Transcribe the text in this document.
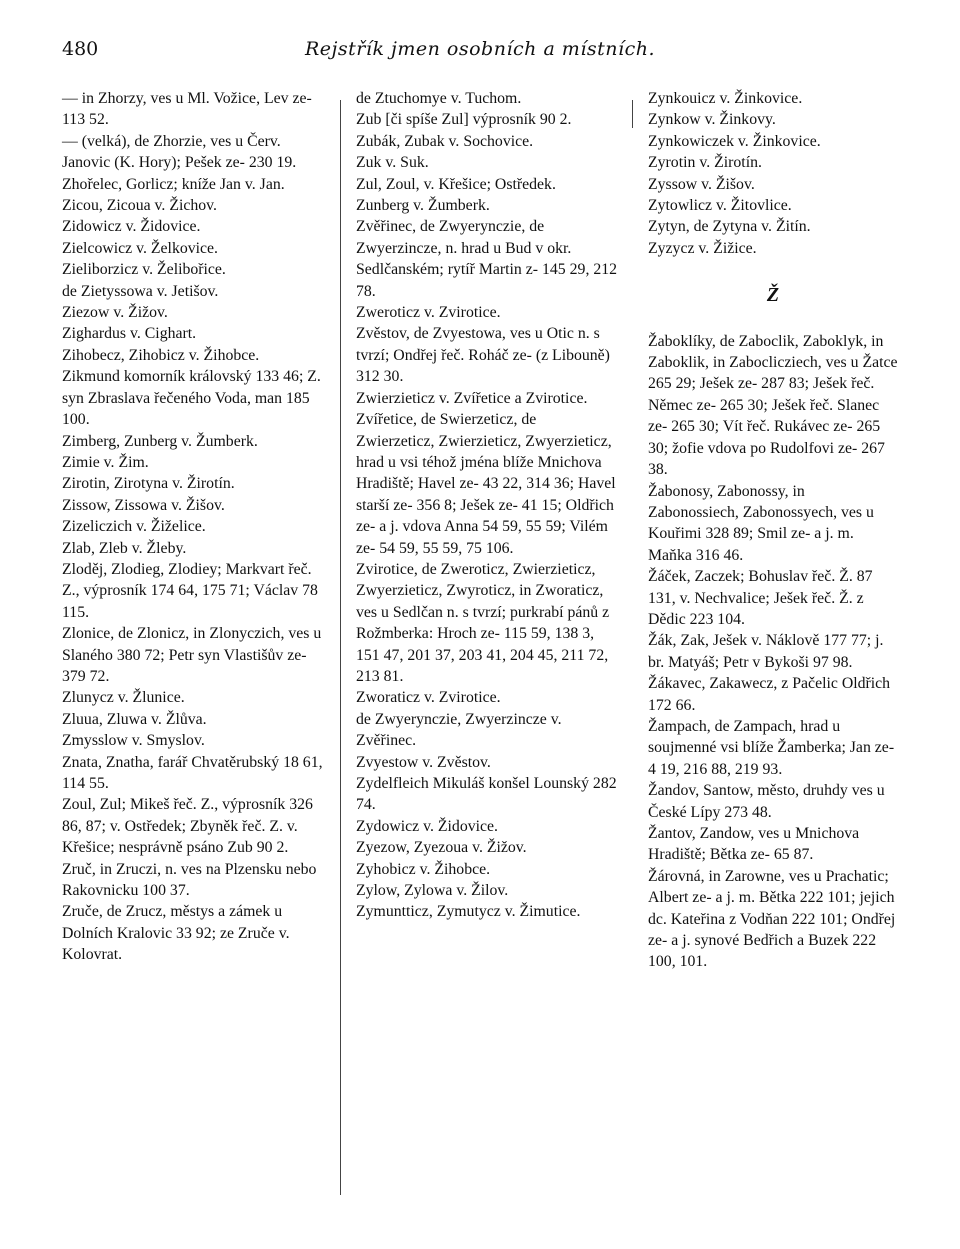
480	Rejstřík jmen osobních a místních.
— in Zhorzy, ves u Ml. Vožice, Lev ze- 113 52.
— (velká), de Zhorzie, ves u Červ. Janovic (K. Hory); Pešek ze- 230 19.
Zhořelec, Gorlicz; kníže Jan v. Jan.
Zicou, Zicoua v. Žichov.
Zidowicz v. Židovice.
Zielcowicz v. Želkovice.
Zieliborzicz v. Želibořice.
de Zietyssowa v. Jetišov.
Ziezow v. Žižov.
Zighardus v. Cighart.
Zihobecz, Zihobicz v. Žihobce.
Zikmund komorník královský 133 46; Z. syn Zbraslava řečeného Voda, man 185 100.
Zimberg, Zunberg v. Žumberk.
Zimie v. Žim.
Zirotin, Zirotyna v. Žirotín.
Zissow, Zissowa v. Žišov.
Zizeliczich v. Žiželice.
Zlab, Zleb v. Žleby.
Zloděj, Zlodieg, Zlodiey; Markvart řeč. Z., výprosník 174 64, 175 71; Václav 78 115.
Zlonice, de Zlonicz, in Zlonyczich, ves u Slaného 380 72; Petr syn Vlastišův ze- 379 72.
Zlunycz v. Žlunice.
Zluua, Zluwa v. Žlůva.
Zmysslow v. Smyslov.
Znata, Znatha, farář Chvatěrubský 18 61, 114 55.
Zoul, Zul; Mikeš řeč. Z., výprosník 326 86, 87; v. Ostředek; Zbyněk řeč. Z. v. Křešice; nesprávně psáno Zub 90 2.
Zruč, in Zruczi, n. ves na Plzensku nebo Rakovnicku 100 37.
Zruče, de Zrucz, městys a zámek u Dolních Kralovic 33 92; ze Zruče v. Kolovrat.
de Ztuchomye v. Tuchom.
Zub [či spíše Zul] výprosník 90 2.
Zubák, Zubak v. Sochovice.
Zuk v. Suk.
Zul, Zoul, v. Křešice; Ostředek.
Zunberg v. Žumberk.
Zvěřinec, de Zwyerynczie, de Zwyerzincze, n. hrad u Bud v okr. Sedlčanském; rytíř Martin z- 145 29, 212 78.
Zweroticz v. Zvirotice.
Zvěstov, de Zvyestowa, ves u Otic n. s tvrzí; Ondřej řeč. Roháč ze- (z Libouně) 312 30.
Zwierzieticz v. Zvířetice a Zvirotice.
Zvířetice, de Swierzeticz, de Zwierzeticz, Zwierzieticz, Zwyerzieticz, hrad u vsi téhož jména blíže Mnichova Hradiště; Havel ze- 43 22, 314 36; Havel starší ze- 356 8; Ješek ze- 41 15; Oldřich ze- a j. vdova Anna 54 59, 55 59; Vilém ze- 54 59, 55 59, 75 106.
Zvirotice, de Zweroticz, Zwierzieticz, Zwyerzieticz, Zwyroticz, in Zworaticz, ves u Sedlčan n. s tvrzí; purkrabí pánů z Rožmberka: Hroch ze- 115 59, 138 3, 151 47, 201 37, 203 41, 204 45, 211 72, 213 81.
Zworaticz v. Zvirotice.
de Zwyerynczie, Zwyerzincze v. Zvěřinec.
Zvyestow v. Zvěstov.
Zydelfleich Mikuláš konšel Lounský 282 74.
Zydowicz v. Židovice.
Zyezow, Zyezoua v. Žižov.
Zyhobicz v. Žihobce.
Zylow, Zylowa v. Žilov.
Zymuntticz, Zymutycz v. Žimutice.
Zynkouicz v. Žinkovice.
Zynkow v. Žinkovy.
Zynkowiczek v. Žinkovice.
Zyrotin v. Žirotín.
Zyssow v. Žišov.
Zytowlicz v. Žitovlice.
Zytyn, de Zytyna v. Žitín.
Zyzycz v. Žižice.
Ž
Žaboklíky, de Zaboclik, Zaboklyk, in Zaboklik, in Zaboclicziech, ves u Žatce 265 29; Ješek ze- 287 83; Ješek řeč. Němec ze- 265 30; Ješek řeč. Slanec ze- 265 30; Vít řeč. Rukávec ze- 265 30; žofie vdova po Rudolfovi ze- 267 38.
Žabonosy, Zabonossy, in Zabonossiech, Zabonossyech, ves u Kouřimi 328 89; Smil ze- a j. m. Maňka 316 46.
Žáček, Zaczek; Bohuslav řeč. Ž. 87 131, v. Nechvalice; Ješek řeč. Ž. z Dědic 223 104.
Žák, Zak, Ješek v. Náklově 177 77; j. br. Matyáš; Petr v Bykoši 97 98.
Žákavec, Zakawecz, z Pačelic Oldřich 172 66.
Žampach, de Zampach, hrad u soujmenné vsi blíže Žamberka; Jan ze- 4 19, 216 88, 219 93.
Žandov, Santow, město, druhdy ves u České Lípy 273 48.
Žantov, Zandow, ves u Mnichova Hradiště; Bětka ze- 65 87.
Žárovná, in Zarowne, ves u Prachatic; Albert ze- a j. m. Bětka 222 101; jejich dc. Kateřina z Vodňan 222 101; Ondřej ze- a j. synové Bedřich a Buzek 222 100, 101.
